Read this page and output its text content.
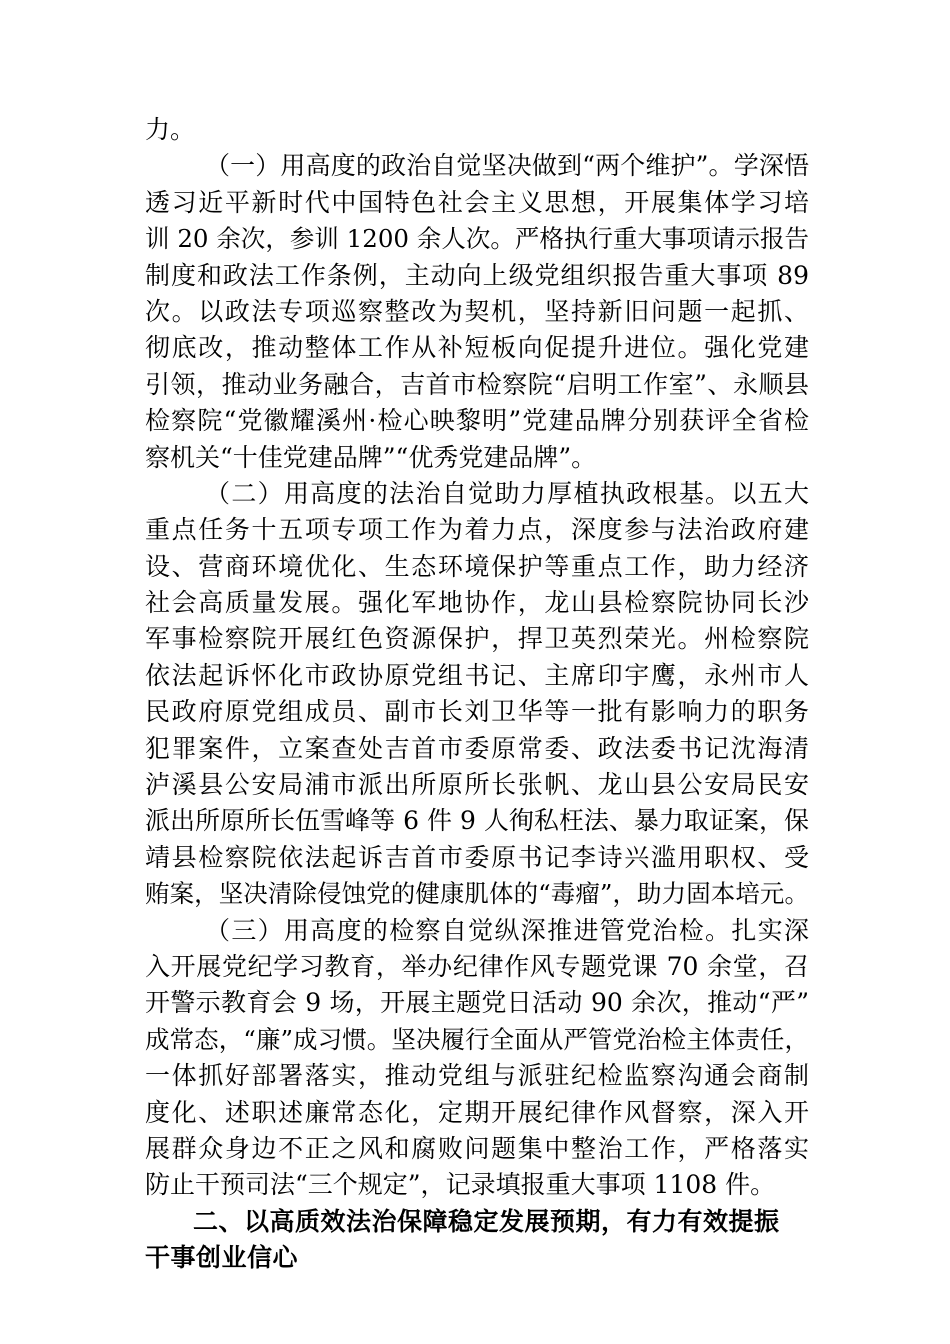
力。
（一）用高度的政治自觉坚决做到“两个维护”。学深悟
透习近平新时代中国特色社会主义思想，开展集体学习培
训 20 余次，参训 1200 余人次。严格执行重大事项请示报告
制度和政法工作条例，主动向上级党组织报告重大事项 89
次。以政法专项巡察整改为契机，坚持新旧问题一起抓、
彻底改，推动整体工作从补短板向促提升进位。强化党建
引领，推动业务融合，吉首市检察院“启明工作室”、永顺县
检察院“党徽耀溪州·检心映黎明”党建品牌分别获评全省检
察机关“十佳党建品牌”“优秀党建品牌”。
（二）用高度的法治自觉助力厚植执政根基。以五大
重点任务十五项专项工作为着力点，深度参与法治政府建
设、营商环境优化、生态环境保护等重点工作，助力经济
社会高质量发展。强化军地协作，龙山县检察院协同长沙
军事检察院开展红色资源保护，捍卫英烈荣光。州检察院
依法起诉怀化市政协原党组书记、主席印宇鹰，永州市人
民政府原党组成员、副市长刘卫华等一批有影响力的职务
犯罪案件，立案查处吉首市委原常委、政法委书记沈海清
泸溪县公安局浦市派出所原所长张帆、龙山县公安局民安
派出所原所长伍雪峰等 6 件 9 人徇私枉法、暴力取证案，保
靖县检察院依法起诉吉首市委原书记李诗兴滥用职权、受
贿案，坚决清除侵蚀党的健康肌体的“毒瘤”，助力固本培元。
（三）用高度的检察自觉纵深推进管党治检。扎实深
入开展党纪学习教育，举办纪律作风专题党课 70 余堂，召
开警示教育会 9 场，开展主题党日活动 90 余次，推动“严”
成常态，“廉”成习惯。坚决履行全面从严管党治检主体责任，
一体抓好部署落实，推动党组与派驻纪检监察沟通会商制
度化、述职述廉常态化，定期开展纪律作风督察，深入开
展群众身边不正之风和腐败问题集中整治工作，严格落实
防止干预司法“三个规定”，记录填报重大事项 1108 件。
二、以高质效法治保障稳定发展预期，有力有效提振
干事创业信心
